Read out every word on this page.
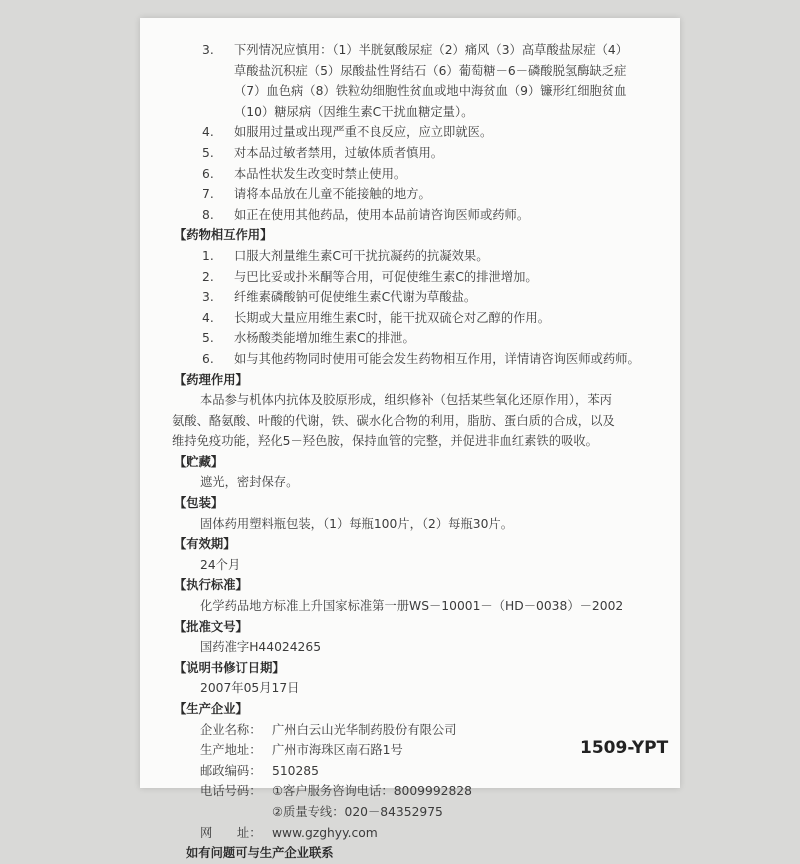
3. 下列情况应慎用：（1）半胱氨酸尿症（2）痛风（3）高草酸盐尿症（4）
草酸盐沉积症（5）尿酸盐性肾结石（6）葡萄糖－6－磷酸脱氢酶缺乏症
（7）血色病（8）铁粒幼细胞性贫血或地中海贫血（9）镰形红细胞贫血
（10）糖尿病（因维生素C干扰血糖定量）。
4. 如服用过量或出现严重不良反应，应立即就医。
5. 对本品过敏者禁用，过敏体质者慎用。
6. 本品性状发生改变时禁止使用。
7. 请将本品放在儿童不能接触的地方。
8. 如正在使用其他药品，使用本品前请咨询医师或药师。
【药物相互作用】
1. 口服大剂量维生素C可干扰抗凝药的抗凝效果。
2. 与巴比妥或扑米酮等合用，可促使维生素C的排泄增加。
3. 纤维素磷酸钠可促使维生素C代谢为草酸盐。
4. 长期或大量应用维生素C时，能干扰双硫仑对乙醇的作用。
5. 水杨酸类能增加维生素C的排泄。
6. 如与其他药物同时使用可能会发生药物相互作用，详情请咨询医师或药师。
【药理作用】
本品参与机体内抗体及胶原形成，组织修补（包括某些氧化还原作用），苯丙
氨酸、酪氨酸、叶酸的代谢，铁、碳水化合物的利用，脂肪、蛋白质的合成，以及
维持免疫功能，羟化5－羟色胺，保持血管的完整，并促进非血红素铁的吸收。
【贮藏】
遮光，密封保存。
【包装】
固体药用塑料瓶包装，（1）每瓶100片，（2）每瓶30片。
【有效期】
24个月
【执行标准】
化学药品地方标准上升国家标准第一册WS－10001－（HD－0038）－2002
【批准文号】
国药准字H44024265
【说明书修订日期】
2007年05月17日
【生产企业】
企业名称： 广州白云山光华制药股份有限公司
生产地址： 广州市海珠区南石路1号
邮政编码： 510285
电话号码： ①客户服务咨询电话：8009992828
②质量专线：020－84352975
网　　址： www.gzghyy.com
如有问题可与生产企业联系
1509-YPT
